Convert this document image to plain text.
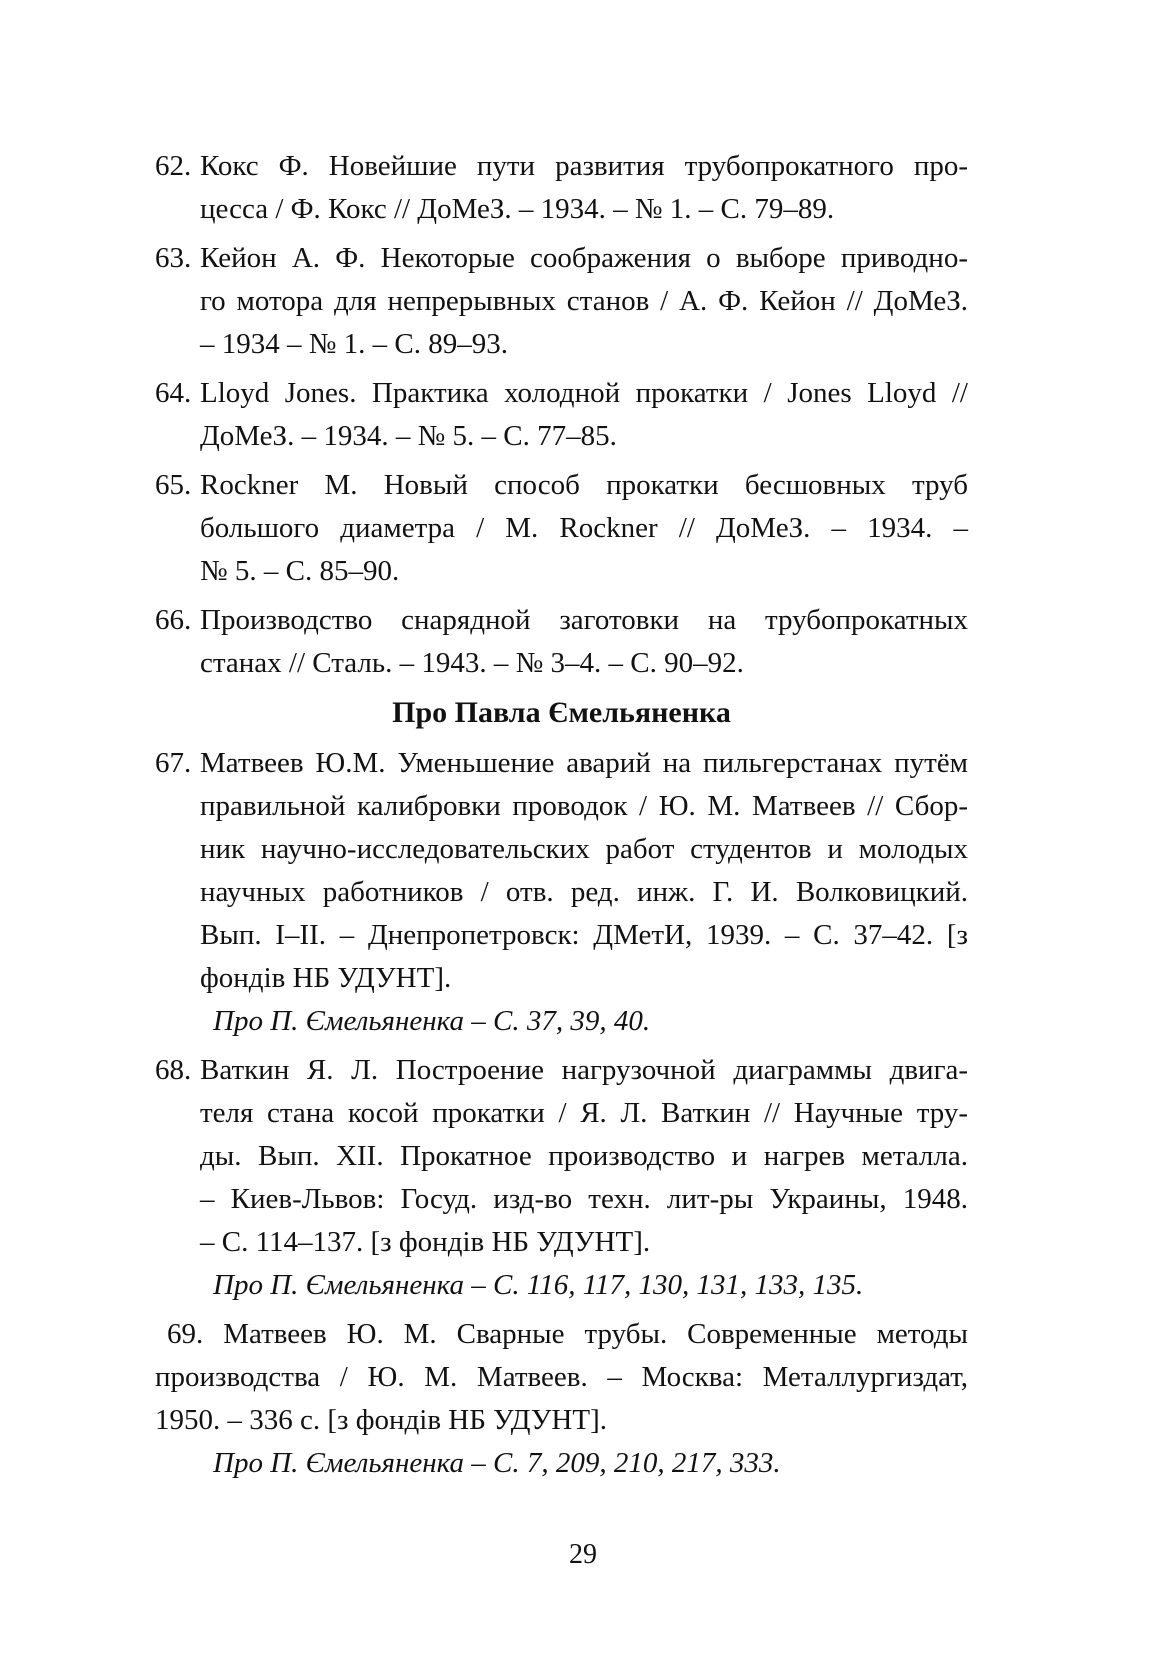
62. Кокс Ф. Новейшие пути развития трубопрокатного про-
цесса / Ф. Кокс // ДоМеЗ. – 1934. – № 1. – С. 79–89.
63. Кейон А. Ф. Некоторые соображения о выборе приводно-
го мотора для непрерывных станов / А. Ф. Кейон // ДоМеЗ.
– 1934 – № 1. – С. 89–93.
64. Lloyd Jones. Практика холодной прокатки / Jones Lloyd //
ДоМеЗ. – 1934. – № 5. – С. 77–85.
65. Rockner M. Новый способ прокатки бесшовных труб
большого диаметра / M. Rockner // ДоМеЗ. – 1934. –
№ 5. – С. 85–90.
66. Производство снарядной заготовки на трубопрокатных
станах // Сталь. – 1943. – № 3–4. – С. 90–92.
Про Павла Ємельяненка
67. Матвеев Ю.М. Уменьшение аварий на пильгерстанах путём
правильной калибровки проводок / Ю. М. Матвеев // Сбор-
ник научно-исследовательских работ студентов и молодых
научных работников / отв. ред. инж. Г. И. Волковицкий.
Вып. I–II. – Днепропетровск: ДМетИ, 1939. – С. 37–42. [з
фондів НБ УДУНТ].
Про П. Ємельяненка – С. 37, 39, 40.
68. Ваткин Я. Л. Построение нагрузочной диаграммы двига-
теля стана косой прокатки / Я. Л. Ваткин // Научные тру-
ды. Вып. XII. Прокатное производство и нагрев металла.
– Киев-Львов: Госуд. изд-во техн. лит-ры Украины, 1948.
– С. 114–137. [з фондів НБ УДУНТ].
Про П. Ємельяненка – С. 116, 117, 130, 131, 133, 135.
69. Матвеев Ю. М. Сварные трубы. Современные методы
производства / Ю. М. Матвеев. – Москва: Металлургиздат,
1950. – 336 с. [з фондів НБ УДУНТ].
Про П. Ємельяненка – С. 7, 209, 210, 217, 333.
29
